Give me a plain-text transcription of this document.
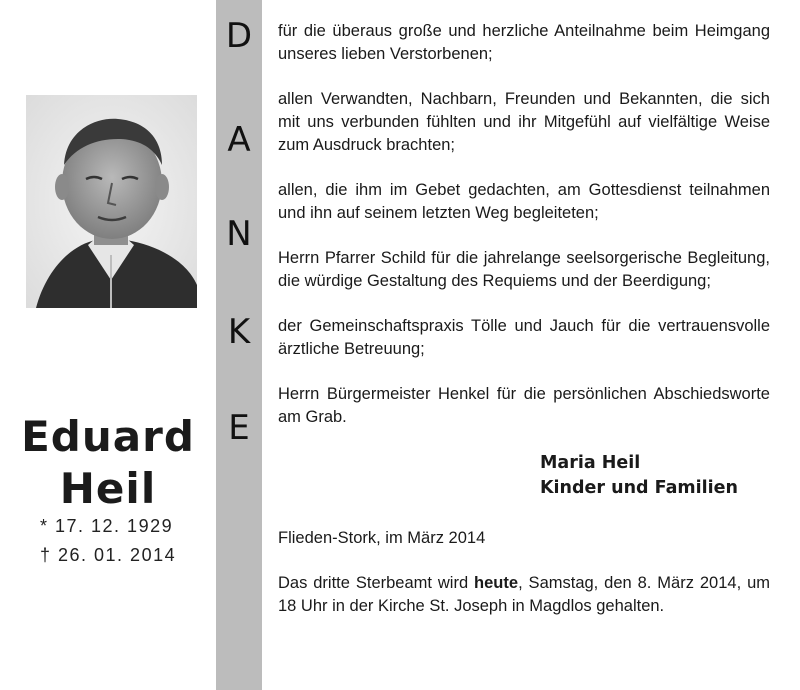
Eduard
Heil
* 17. 12. 1929
† 26. 01. 2014
D
A
N
K
E

für die überaus große und herzliche Anteilnahme beim Heimgang unseres lieben Verstorbenen;

allen Verwandten, Nachbarn, Freunden und Bekannten, die sich mit uns verbunden fühlten und ihr Mitgefühl auf vielfältige Weise zum Ausdruck brachten;

allen, die ihm im Gebet gedachten, am Gottesdienst teilnahmen und ihn auf seinem letzten Weg begleiteten;

Herrn Pfarrer Schild für die jahrelange seelsorgerische Begleitung, die würdige Gestaltung des Requiems und der Beerdigung;

der Gemeinschaftspraxis Tölle und Jauch für die vertrauensvolle ärztliche Betreuung;

Herrn Bürgermeister Henkel für die persönlichen Abschiedsworte am Grab.

Maria Heil
Kinder und Familien

Flieden-Stork, im März 2014

Das dritte Sterbeamt wird heute, Samstag, den 8. März 2014, um 18 Uhr in der Kirche St. Joseph in Magdlos gehalten.
